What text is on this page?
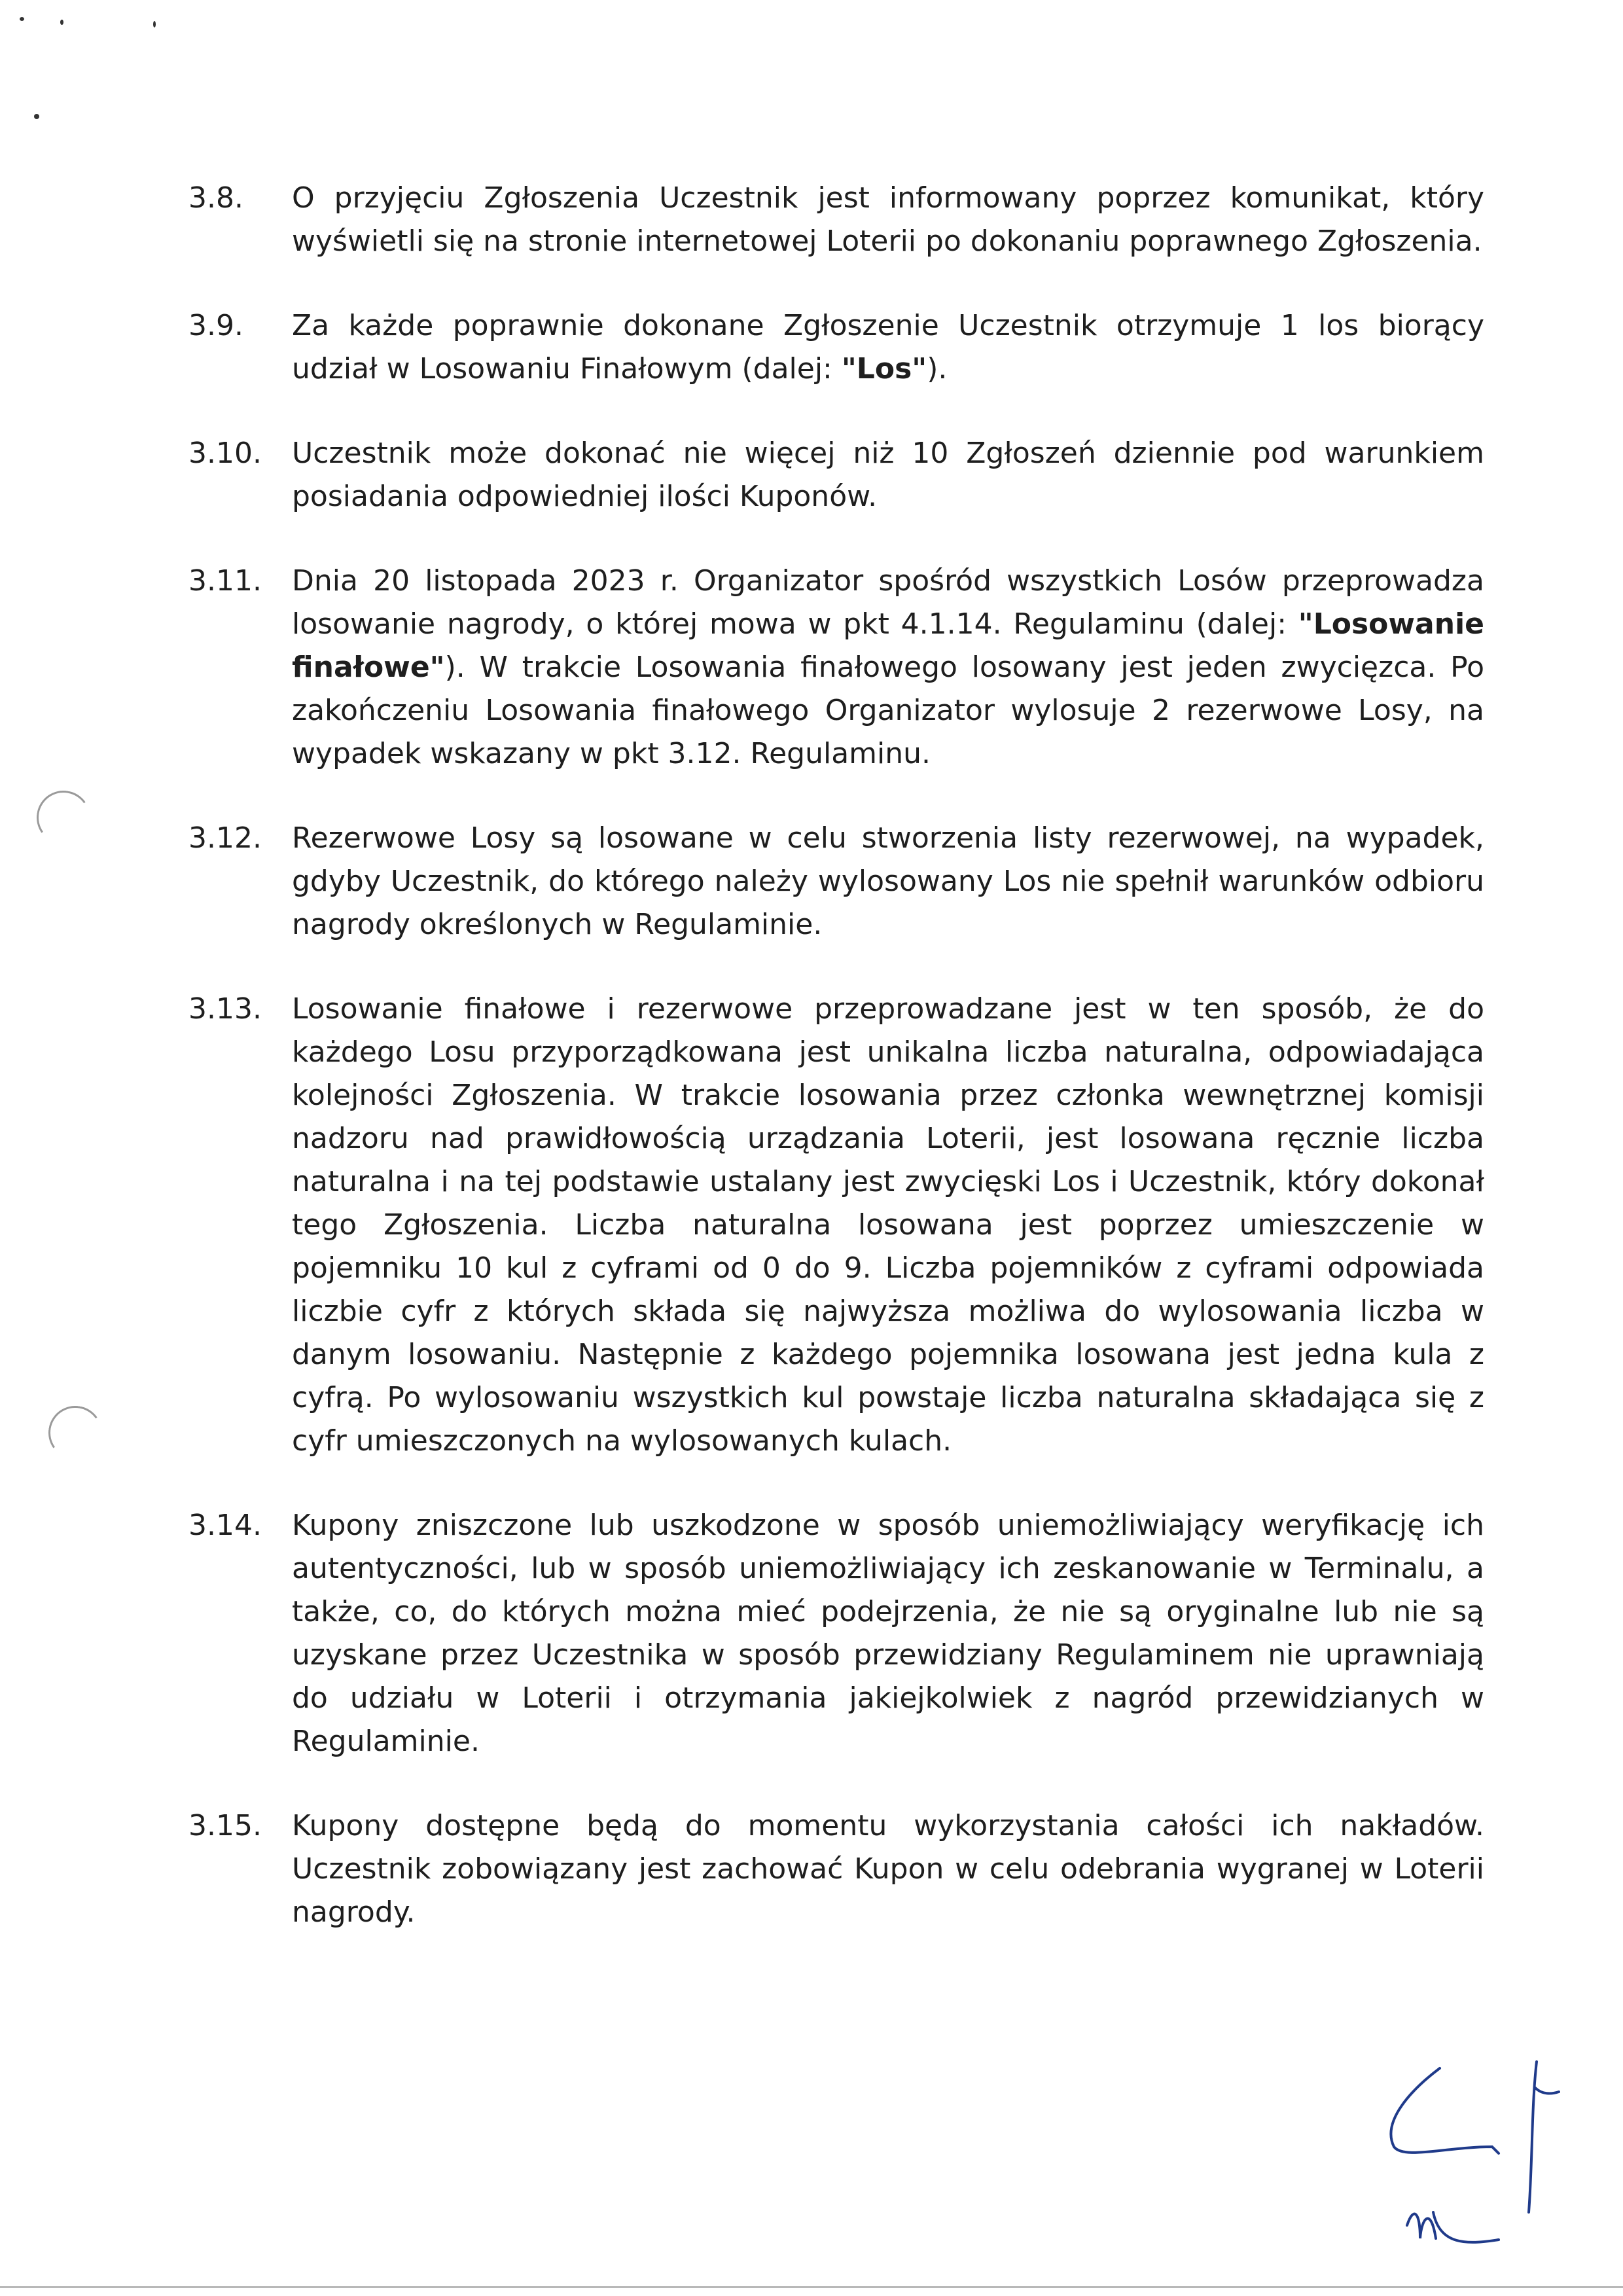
3.8.	O przyjęciu Zgłoszenia Uczestnik jest informowany poprzez komunikat, który wyświetli się na stronie internetowej Loterii po dokonaniu poprawnego Zgłoszenia.
3.9.	Za każde poprawnie dokonane Zgłoszenie Uczestnik otrzymuje 1 los biorący udział w Losowaniu Finałowym (dalej: "Los").
3.10.	Uczestnik może dokonać nie więcej niż 10 Zgłoszeń dziennie pod warunkiem posiadania odpowiedniej ilości Kuponów.
3.11.	Dnia 20 listopada 2023 r. Organizator spośród wszystkich Losów przeprowadza losowanie nagrody, o której mowa w pkt 4.1.14. Regulaminu (dalej: "Losowanie finałowe"). W trakcie Losowania finałowego losowany jest jeden zwycięzca. Po zakończeniu Losowania finałowego Organizator wylosuje 2 rezerwowe Losy, na wypadek wskazany w pkt 3.12. Regulaminu.
3.12.	Rezerwowe Losy są losowane w celu stworzenia listy rezerwowej, na wypadek, gdyby Uczestnik, do którego należy wylosowany Los nie spełnił warunków odbioru nagrody określonych w Regulaminie.
3.13.	Losowanie finałowe i rezerwowe przeprowadzane jest w ten sposób, że do każdego Losu przyporządkowana jest unikalna liczba naturalna, odpowiadająca kolejności Zgłoszenia. W trakcie losowania przez członka wewnętrznej komisji nadzoru nad prawidłowością urządzania Loterii, jest losowana ręcznie liczba naturalna i na tej podstawie ustalany jest zwycięski Los i Uczestnik, który dokonał tego Zgłoszenia. Liczba naturalna losowana jest poprzez umieszczenie w pojemniku 10 kul z cyframi od 0 do 9. Liczba pojemników z cyframi odpowiada liczbie cyfr z których składa się najwyższa możliwa do wylosowania liczba w danym losowaniu. Następnie z każdego pojemnika losowana jest jedna kula z cyfrą. Po wylosowaniu wszystkich kul powstaje liczba naturalna składająca się z cyfr umieszczonych na wylosowanych kulach.
3.14.	Kupony zniszczone lub uszkodzone w sposób uniemożliwiający weryfikację ich autentyczności, lub w sposób uniemożliwiający ich zeskanowanie w Terminalu, a także, co, do których można mieć podejrzenia, że nie są oryginalne lub nie są uzyskane przez Uczestnika w sposób przewidziany Regulaminem nie uprawniają do udziału w Loterii i otrzymania jakiejkolwiek z nagród przewidzianych w Regulaminie.
3.15.	Kupony dostępne będą do momentu wykorzystania całości ich nakładów. Uczestnik zobowiązany jest zachować Kupon w celu odebrania wygranej w Loterii nagrody.
